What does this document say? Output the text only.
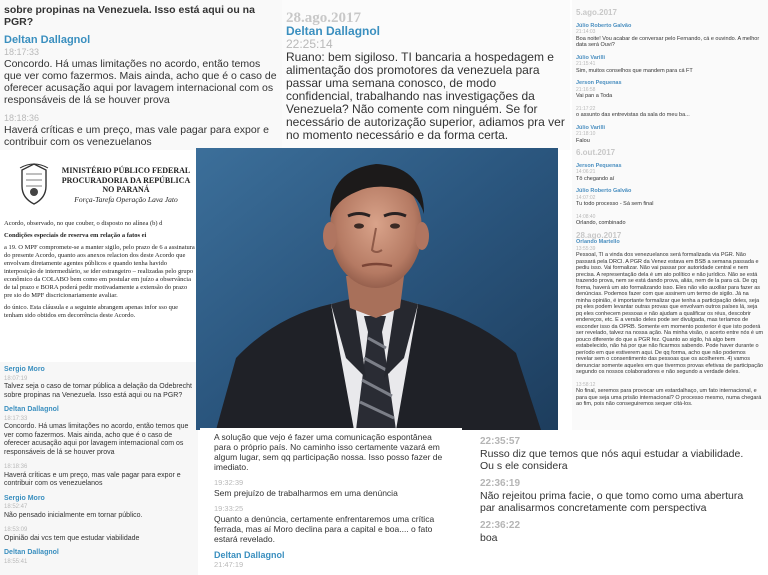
sobre propinas na Venezuela. Isso está aqui ou na PGR?
Deltan Dallagnol
18:17:33
Concordo. Há umas limitações no acordo, então temos que ver como fazermos. Mais ainda, acho que é o caso de oferecer acusação aqui por lavagem internacional com os responsáveis de lá se houver prova
18:18:36
Haverá críticas e um preço, mas vale pagar para expor e contribuir com os venezuelanos
28.ago.2017
Deltan Dallagnol
22:25:14
Ruano: bem sigiloso. TI bancaria a hospedagem e alimentação dos promotores da venezuela para passar uma semana conosco, de modo confidencial, trabalhando nas investigações da Venezuela? Não comente com ninguém. Se for necessário de autorização superior, adiamos pra ver no momento necessário e da forma certa.
5.ago.2017
Júlio Roberto Galvão
21:14:03
Boa noite! Vou acabar de conversar pelo Fernando, cá e ouvindo. A melhor data será Ouvi?
Júlio Varilli
21:15:41
Sim, muitos conselhos que mandem para cá FT
Jerson Pequenas
21:16:58
Vai pan a Toda
21:17:22
o assunto das entrevistas da sala do meu ba...
Júlio Varilli
21:18:10
Falou
6.out.2017
Jerson Pequenas
14:06:21
Tô chegando aí
Júlio Roberto Galvão
14:07:02
Tu todo processo - Sá sem final
14:08:40
Orlando, combinado
28.ago.2017
Orlando Martello
13:55:39
Pessoal, TI a vinda dos venezuelanos será formalizada via PGR. Não passará pela DRCI. A PGR da Venez estava em BSB a semana passada e pediu isso. Vai formalizar. Não vai passar por autoridade central e nem precisa. A representação dela é um ato político e não jurídico. Não se está trazendo prova, nem se está dando prova, aliás, nem de la para cá. De qq forma, haverá um ato formalizando isso. Eles não vão auxiliar para fazer as denúncias. Podemos fazer com que assinem um termo de sigilo. Já na minha opinião, é importante formalizar que tenha a participação deles, seja pq eles podem levantar outras provas que envolvam outros países lá, seja pq eles conhecem pessoas e não ajudam a qualificar os réus, descobrir endereços, etc. E a versão deles pode ser divulgada, mas teríamos de esconder isso da OPRB. Somente em momento posterior é que isto poderá ser revelado, talvez na nossa ação. Na minha visão, o acerto entre nós é um pouco diferente do que a PGR fez. Quanto ao sigilo, há algo bem estabelecido, não há por que não ficarmos sabendo. Pode haver durante o período em que estiverem aqui. De qq forma, acho que não podemos revelar sem o consentimento das pessoas que os acolherem. 4) vamos denunciar somente aqueles em que tivermos provas efetivas de participação segundo os nossos colaboradores e não segundo a verdade deles.
13:58:12
No final, seremos para provocar um estardalhaço, um fato internacional, e para que seja uma prisão internacional? O processo mesmo, numa chegará ao fim, pois não conseguiremos sequer citá-los.
MINISTÉRIO PÚBLICO FEDERAL
PROCURADORIA DA REPÚBLICA NO PARANÁ
Força-Tarefa Operação Lava Jato

Acordo, observado, no que couber, o disposto no alínea (b) d

Condições especiais de reserva em relação a fatos ei

a 19. O MPF compromete-se a manter sigilo, pelo prazo de 6 a assinatura do presente Acordo, quanto aos anexos relacion dos deste Acordo que envolvam diretamente agentes públicos e quando tenha havido interposição de intermediário, se ider estrangeiro – realizadas pelo grupo econômico da COLABO bem como em postular em juízo a observância de tal prazo e BORA poderá pedir motivadamente a extensão do prazo pre sio do MPF discricionariamente avaliar.

do único. Esta cláusula e a seguinte abrangem apenas infor sso que tenham sido obtidos em decorrência deste Acordo.

Sergio Moro
18:07:19
Talvez seja o caso de tornar pública a delação da Odebrecht sobre propinas na Venezuela. Isso está aqui ou na PGR?
Deltan Dallagnol
18:17:33
Concordo. Há umas limitações no acordo, então temos que ver como fazermos. Mais ainda, acho que é o caso de oferecer acusação aqui por lavagem internacional com os responsáveis de lá se houver prova
18:18:36
Haverá críticas e um preço, mas vale pagar para expor e contribuir com os venezuelanos
Sergio Moro
18:52:47
Não pensado inicialmente em tornar público.
18:53:09
Opinião dai vcs tem que estudar viabilidade
Deltan Dallagnol
18:55:41
A solução que vejo é fazer uma comunicação espontânea para o próprio país. No caminho isso certamente vazará em algum lugar, sem qq participação nossa. Isso posso fazer de imediato.
19:32:39
Sem prejuízo de trabalharmos em uma denúncia
19:33:25
Quanto a denúncia, certamente enfrentaremos uma crítica ferrada, mas aí Moro declina para a capital e boa.... o fato estará revelado.
Deltan Dallagnol
21:47:19
22:35:57
Russo diz que temos que nós aqui estudar a viabilidade. Ou s ele considera
22:36:19
Não rejeitou prima facie, o que tomo como uma abertura par analisarmos concretamente com perspectiva
22:36:22
boa
